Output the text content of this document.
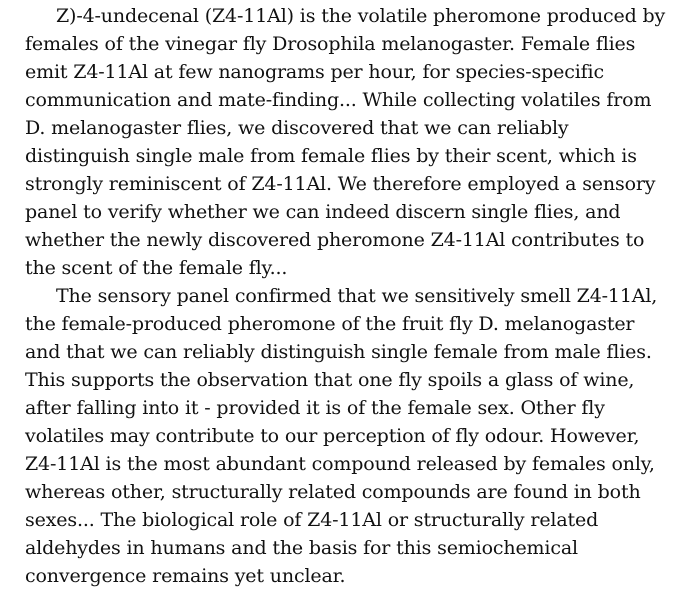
Z)-4-undecenal (Z4-11Al) is the volatile pheromone produced by females of the vinegar fly Drosophila melanogaster. Female flies emit Z4-11Al at few nanograms per hour, for species-specific communication and mate-finding... While collecting volatiles from D. melanogaster flies, we discovered that we can reliably distinguish single male from female flies by their scent, which is strongly reminiscent of Z4-11Al. We therefore employed a sensory panel to verify whether we can indeed discern single flies, and whether the newly discovered pheromone Z4-11Al contributes to the scent of the female fly...

The sensory panel confirmed that we sensitively smell Z4-11Al, the female-produced pheromone of the fruit fly D. melanogaster and that we can reliably distinguish single female from male flies. This supports the observation that one fly spoils a glass of wine, after falling into it - provided it is of the female sex. Other fly volatiles may contribute to our perception of fly odour. However, Z4-11Al is the most abundant compound released by females only, whereas other, structurally related compounds are found in both sexes... The biological role of Z4-11Al or structurally related aldehydes in humans and the basis for this semiochemical convergence remains yet unclear.
